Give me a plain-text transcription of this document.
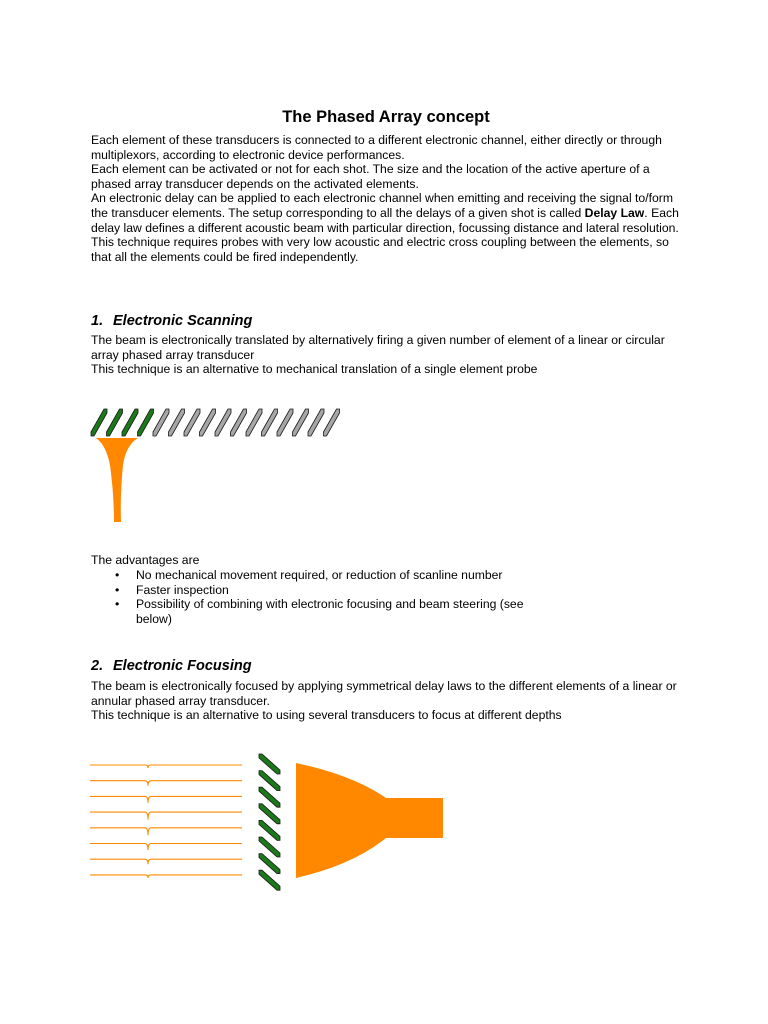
The Phased Array concept

Each element of these transducers is connected to a different electronic channel, either directly or through multiplexors, according to electronic device performances.
Each element can be activated or not for each shot. The size and the location of the active aperture of a phased array transducer depends on the activated elements.
An electronic delay can be applied to each electronic channel when emitting and receiving the signal to/form the transducer elements. The setup corresponding to all the delays of a given shot is called Delay Law. Each delay law defines a different acoustic beam with particular direction, focussing distance and lateral resolution.
This technique requires probes with very low acoustic and electric cross coupling between the elements, so that all the elements could be fired independently.

1. Electronic Scanning

The beam is electronically translated by alternatively firing a given number of element of a linear or circular array phased array transducer
This technique is an alternative to mechanical translation of a single element probe

The advantages are

• No mechanical movement required, or reduction of scanline number
• Faster inspection
• Possibility of combining with electronic focusing and beam steering (see below)
2. Electronic Focusing

The beam is electronically focused by applying symmetrical delay laws to the different elements of a linear or annular phased array transducer.
This technique is an alternative to using several transducers to focus at different depths
